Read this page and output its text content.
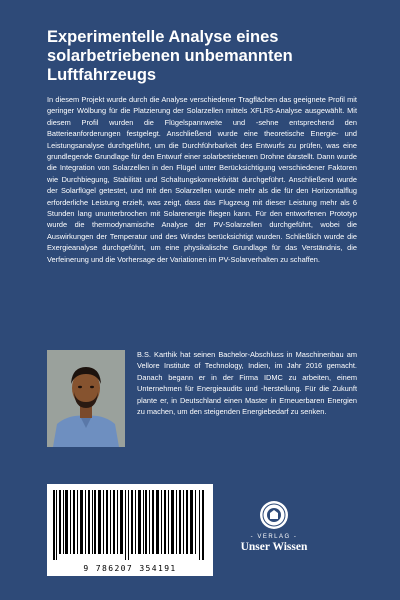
Experimentelle Analyse eines solarbetriebenen unbemannten Luftfahrzeugs

In diesem Projekt wurde durch die Analyse verschiedener Tragflächen das geeignete Profil mit geringer Wölbung für die Platzierung der Solarzellen mittels XFLR5-Analyse ausgewählt. Mit diesem Profil wurden die Flügelspannweite und -sehne entsprechend den Batterieanforderungen festgelegt. Anschließend wurde eine theoretische Energie- und Leistungsanalyse durchgeführt, um die Durchführbarkeit des Entwurfs zu prüfen, was eine grundlegende Grundlage für den Entwurf einer solarbetriebenen Drohne darstellt. Dann wurde die Integration von Solarzellen in den Flügel unter Berücksichtigung verschiedener Faktoren wie Durchbiegung, Stabilität und Schaltungskonnektivität durchgeführt. Anschließend wurde der Solarflügel getestet, und mit den Solarzellen wurde mehr als die für den Horizontalflug erforderliche Leistung erzielt, was zeigt, dass das Flugzeug mit dieser Leistung mehr als 6 Stunden lang ununterbrochen mit Solarenergie fliegen kann. Für den entworfenen Prototyp wurde die thermodynamische Analyse der PV-Solarzellen durchgeführt, wobei die Auswirkungen der Temperatur und des Windes berücksichtigt wurden. Schließlich wurde die Exergieanalyse durchgeführt, um eine physikalische Grundlage für das Verständnis, die Verfeinerung und die Vorhersage der Variationen im PV-Solarverhalten zu schaffen.

B.S. Karthik hat seinen Bachelor-Abschluss in Maschinenbau am Vellore Institute of Technology, Indien, im Jahr 2016 gemacht. Danach begann er in der Firma IDMC zu arbeiten, einem Unternehmen für Energieaudits und -herstellung. Für die Zukunft plante er, in Deutschland einen Master in Erneuerbaren Energien zu machen, um den steigenden Energiebedarf zu senken.

9 786207 354191
- VERLAG -
Unser Wissen
